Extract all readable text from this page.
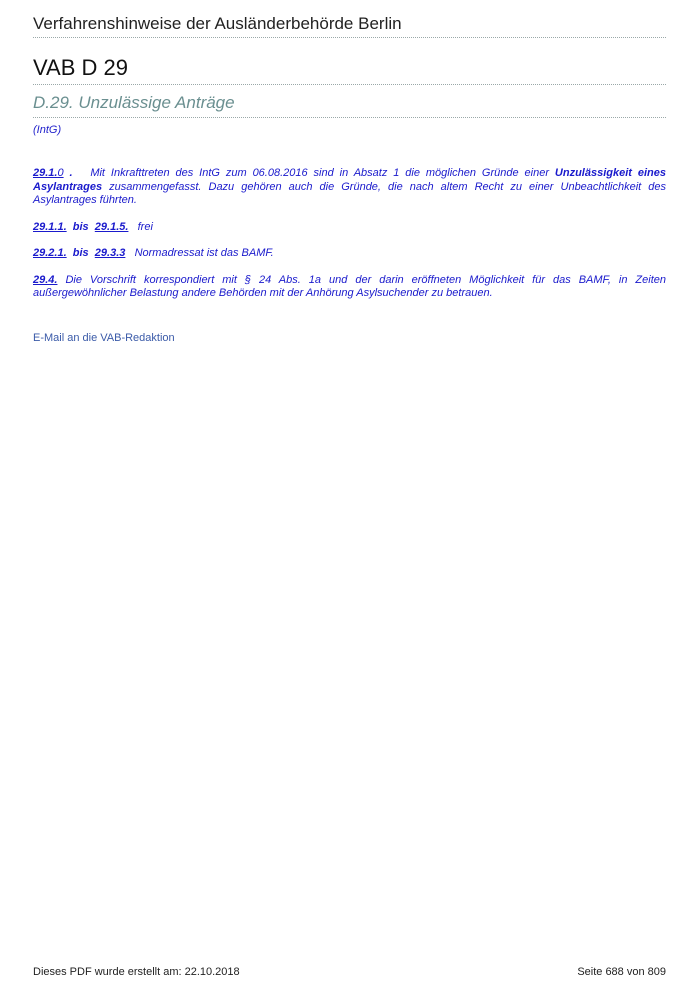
Verfahrenshinweise der Ausländerbehörde Berlin
VAB D 29
D.29. Unzulässige Anträge
(IntG)

29.1.0 . Mit Inkrafttreten des IntG zum 06.08.2016 sind in Absatz 1 die möglichen Gründe einer Unzulässigkeit eines Asylantrages zusammengefasst. Dazu gehören auch die Gründe, die nach altem Recht zu einer Unbeachtlichkeit des Asylantrages führten.

29.1.1. bis 29.1.5. frei

29.2.1. bis 29.3.3 Normadressat ist das BAMF.

29.4. Die Vorschrift korrespondiert mit § 24 Abs. 1a und der darin eröffneten Möglichkeit für das BAMF, in Zeiten außergewöhnlicher Belastung andere Behörden mit der Anhörung Asylsuchender zu betrauen.

E-Mail an die VAB-Redaktion
Dieses PDF wurde erstellt am: 22.10.2018	Seite 688 von 809
